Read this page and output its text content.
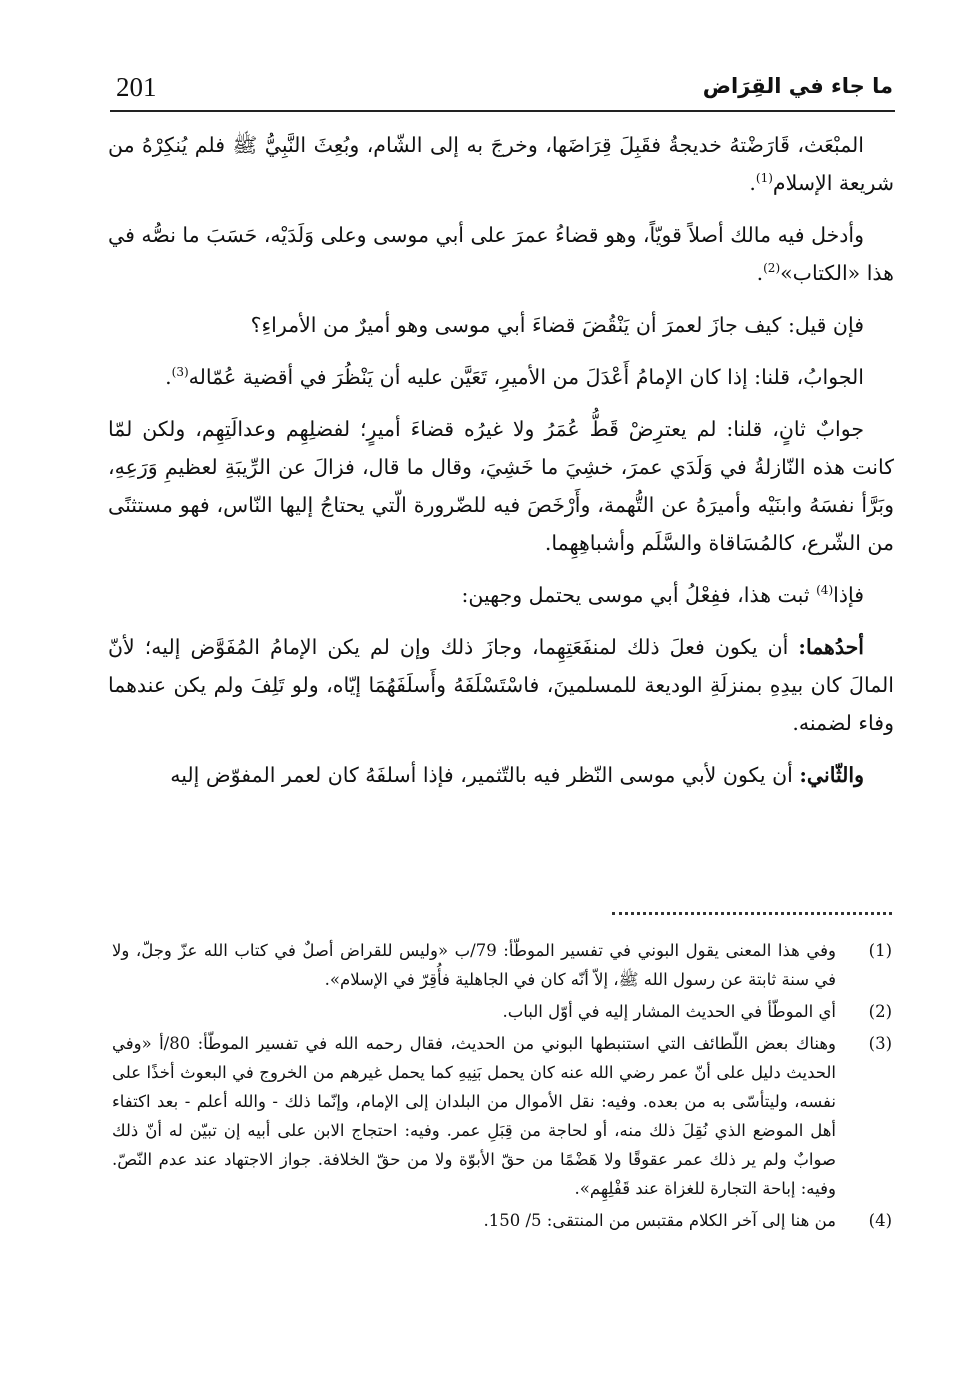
201	ما جاء في القِرَاض

المبْعَث، قَارَضْتهُ خديجةُ فقَبِلَ قِرَاضَها، وخرجَ به إلى الشّام، وبُعِثَ النَّبِيُّ ﷺ فلم يُنكِرْهُ من شريعة الإسلام$^{(1)}$.

وأدخل فيه مالك أصلاً قويّاً، وهو قضاءُ عمرَ على أبي موسى وعلى وَلَدَيْه، حَسَبَ ما نصُّه في هذا «الكتاب»$^{(2)}$.

فإن قيل: كيف جازَ لعمرَ أن يَنْقُضَ قضاءَ أبي موسى وهو أميرٌ من الأمراءِ؟

الجوابُ، قلنا: إذا كان الإمامُ أَعْدَلَ من الأميرِ، تَعَيَّن عليه أن يَنْظُرَ في أقضية عُمّاله$^{(3)}$.

جوابٌ ثانٍ، قلنا: لم يعترِضْ قَطُّ عُمَرُ ولا غيرُه قضاءَ أميرٍ؛ لفضلِهِم وعدالَتِهِم، ولكن لمّا كانت هذه النّازلةُ في وَلَدَي عمرَ، خشِيَ ما خَشِيَ، وقال ما قال، فزالَ عن الرِّيبَةِ لعظيمِ وَرَعِهِ، وبَرَّأ نفسَهُ وابنَيْه وأميرَهُ عن التُّهمة، وأَرْخَصَ فيه للضّرورة الّتي يحتاجُ إليها النّاس، فهو مستثنًى من الشّرع، كالمُسَاقاة والسَّلَم وأشباهِهِما.

فإذا$^{(4)}$ ثبت هذا، ففِعْلُ أبي موسى يحتمل وجهين:

أحدُهما: أن يكون فعلَ ذلك لمنفَعَتِهِما، وجازَ ذلك وإن لم يكن الإمامُ المُفَوَّض إليه؛ لأنّ المالَ كان بيدِهِ بمنزلَةِ الوديعة للمسلمينَ، فاسْتَسْلَفَهُ وأَسلَفَهُمَا إيّاه، ولو تَلِفَ ولم يكن عندهما وفاء لضمنه.

والثّاني: أن يكون لأبي موسى النّظر فيه بالتّثمير، فإذا أسلفَهُ كان لعمر المفوّض إليه

(1)
وفي هذا المعنى يقول البوني في تفسير الموطّأ: 79/ب «وليس للقراض أصلٌ في كتاب الله عزّ وجلّ، ولا في سنة ثابتة عن رسول الله ﷺ، إلاّ أنّه كان في الجاهلية فأُقِرّ في الإسلام».
(2)
أي الموطّأ في الحديث المشار إليه في أوّل الباب.
(3)
وهناك بعض اللّطائف التي استنبطها البوني من الحديث، فقال رحمه الله في تفسير الموطّأ: 80/أ «وفي الحديث دليل على أنّ عمر رضي الله عنه كان يحمل بَنِيهِ كما يحمل غيرهم من الخروج في البعوث أخذًا على نفسه، وليتأسّى به من بعده. وفيه: نقل الأموال من البلدان إلى الإمام، وإنّما ذلك - والله أعلم - بعد اكتفاء أهل الموضع الذي نُقِلَ ذلك منه، أو لحاجة من قِبَلِ عمر. وفيه: احتجاج الابن على أبيه إن تبيّن له أنّ ذلك صوابٌ ولم ير ذلك عمر عقوقًا ولا هَضْمًا من حقّ الأبوّة ولا من حقّ الخلافة. جواز الاجتهاد عند عدم النّصّ. وفيه: إباحة التجارة للغزاة عند قَفْلِهِم».
(4)
من هنا إلى آخر الكلام مقتبس من المنتقى: 5/ 150.
